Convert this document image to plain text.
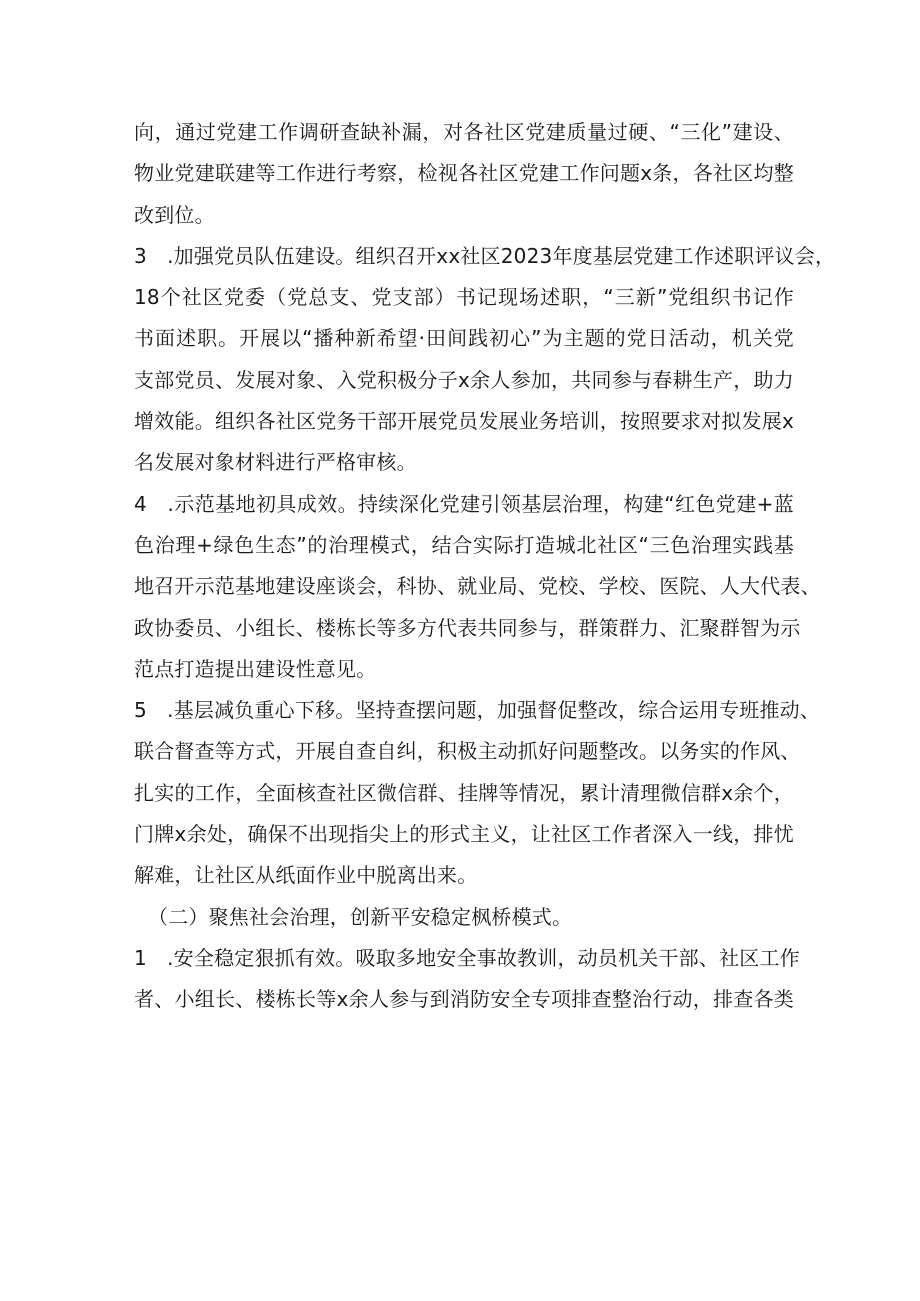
向，通过党建工作调研查缺补漏，对各社区党建质量过硬、“三化”建设、
物业党建联建等工作进行考察，检视各社区党建工作问题x条，各社区均整
改到位。
3　.加强党员队伍建设。组织召开xx社区2023年度基层党建工作述职评议会，
18个社区党委（党总支、党支部）书记现场述职，“三新”党组织书记作
书面述职。开展以“播种新希望·田间践初心”为主题的党日活动，机关党
支部党员、发展对象、入党积极分子x余人参加，共同参与春耕生产，助力
增效能。组织各社区党务干部开展党员发展业务培训，按照要求对拟发展x
名发展对象材料进行严格审核。
4　.示范基地初具成效。持续深化党建引领基层治理，构建“红色党建+蓝
色治理+绿色生态”的治理模式，结合实际打造城北社区“三色治理实践基
地召开示范基地建设座谈会，科协、就业局、党校、学校、医院、人大代表、
政协委员、小组长、楼栋长等多方代表共同参与，群策群力、汇聚群智为示
范点打造提出建设性意见。
5　.基层减负重心下移。坚持查摆问题，加强督促整改，综合运用专班推动、
联合督查等方式，开展自查自纠，积极主动抓好问题整改。以务实的作风、
扎实的工作，全面核查社区微信群、挂牌等情况，累计清理微信群x余个，
门牌x余处，确保不出现指尖上的形式主义，让社区工作者深入一线，排忧
解难，让社区从纸面作业中脱离出来。
（二）聚焦社会治理，创新平安稳定枫桥模式。
1　.安全稳定狠抓有效。吸取多地安全事故教训，动员机关干部、社区工作
者、小组长、楼栋长等x余人参与到消防安全专项排查整治行动，排查各类
